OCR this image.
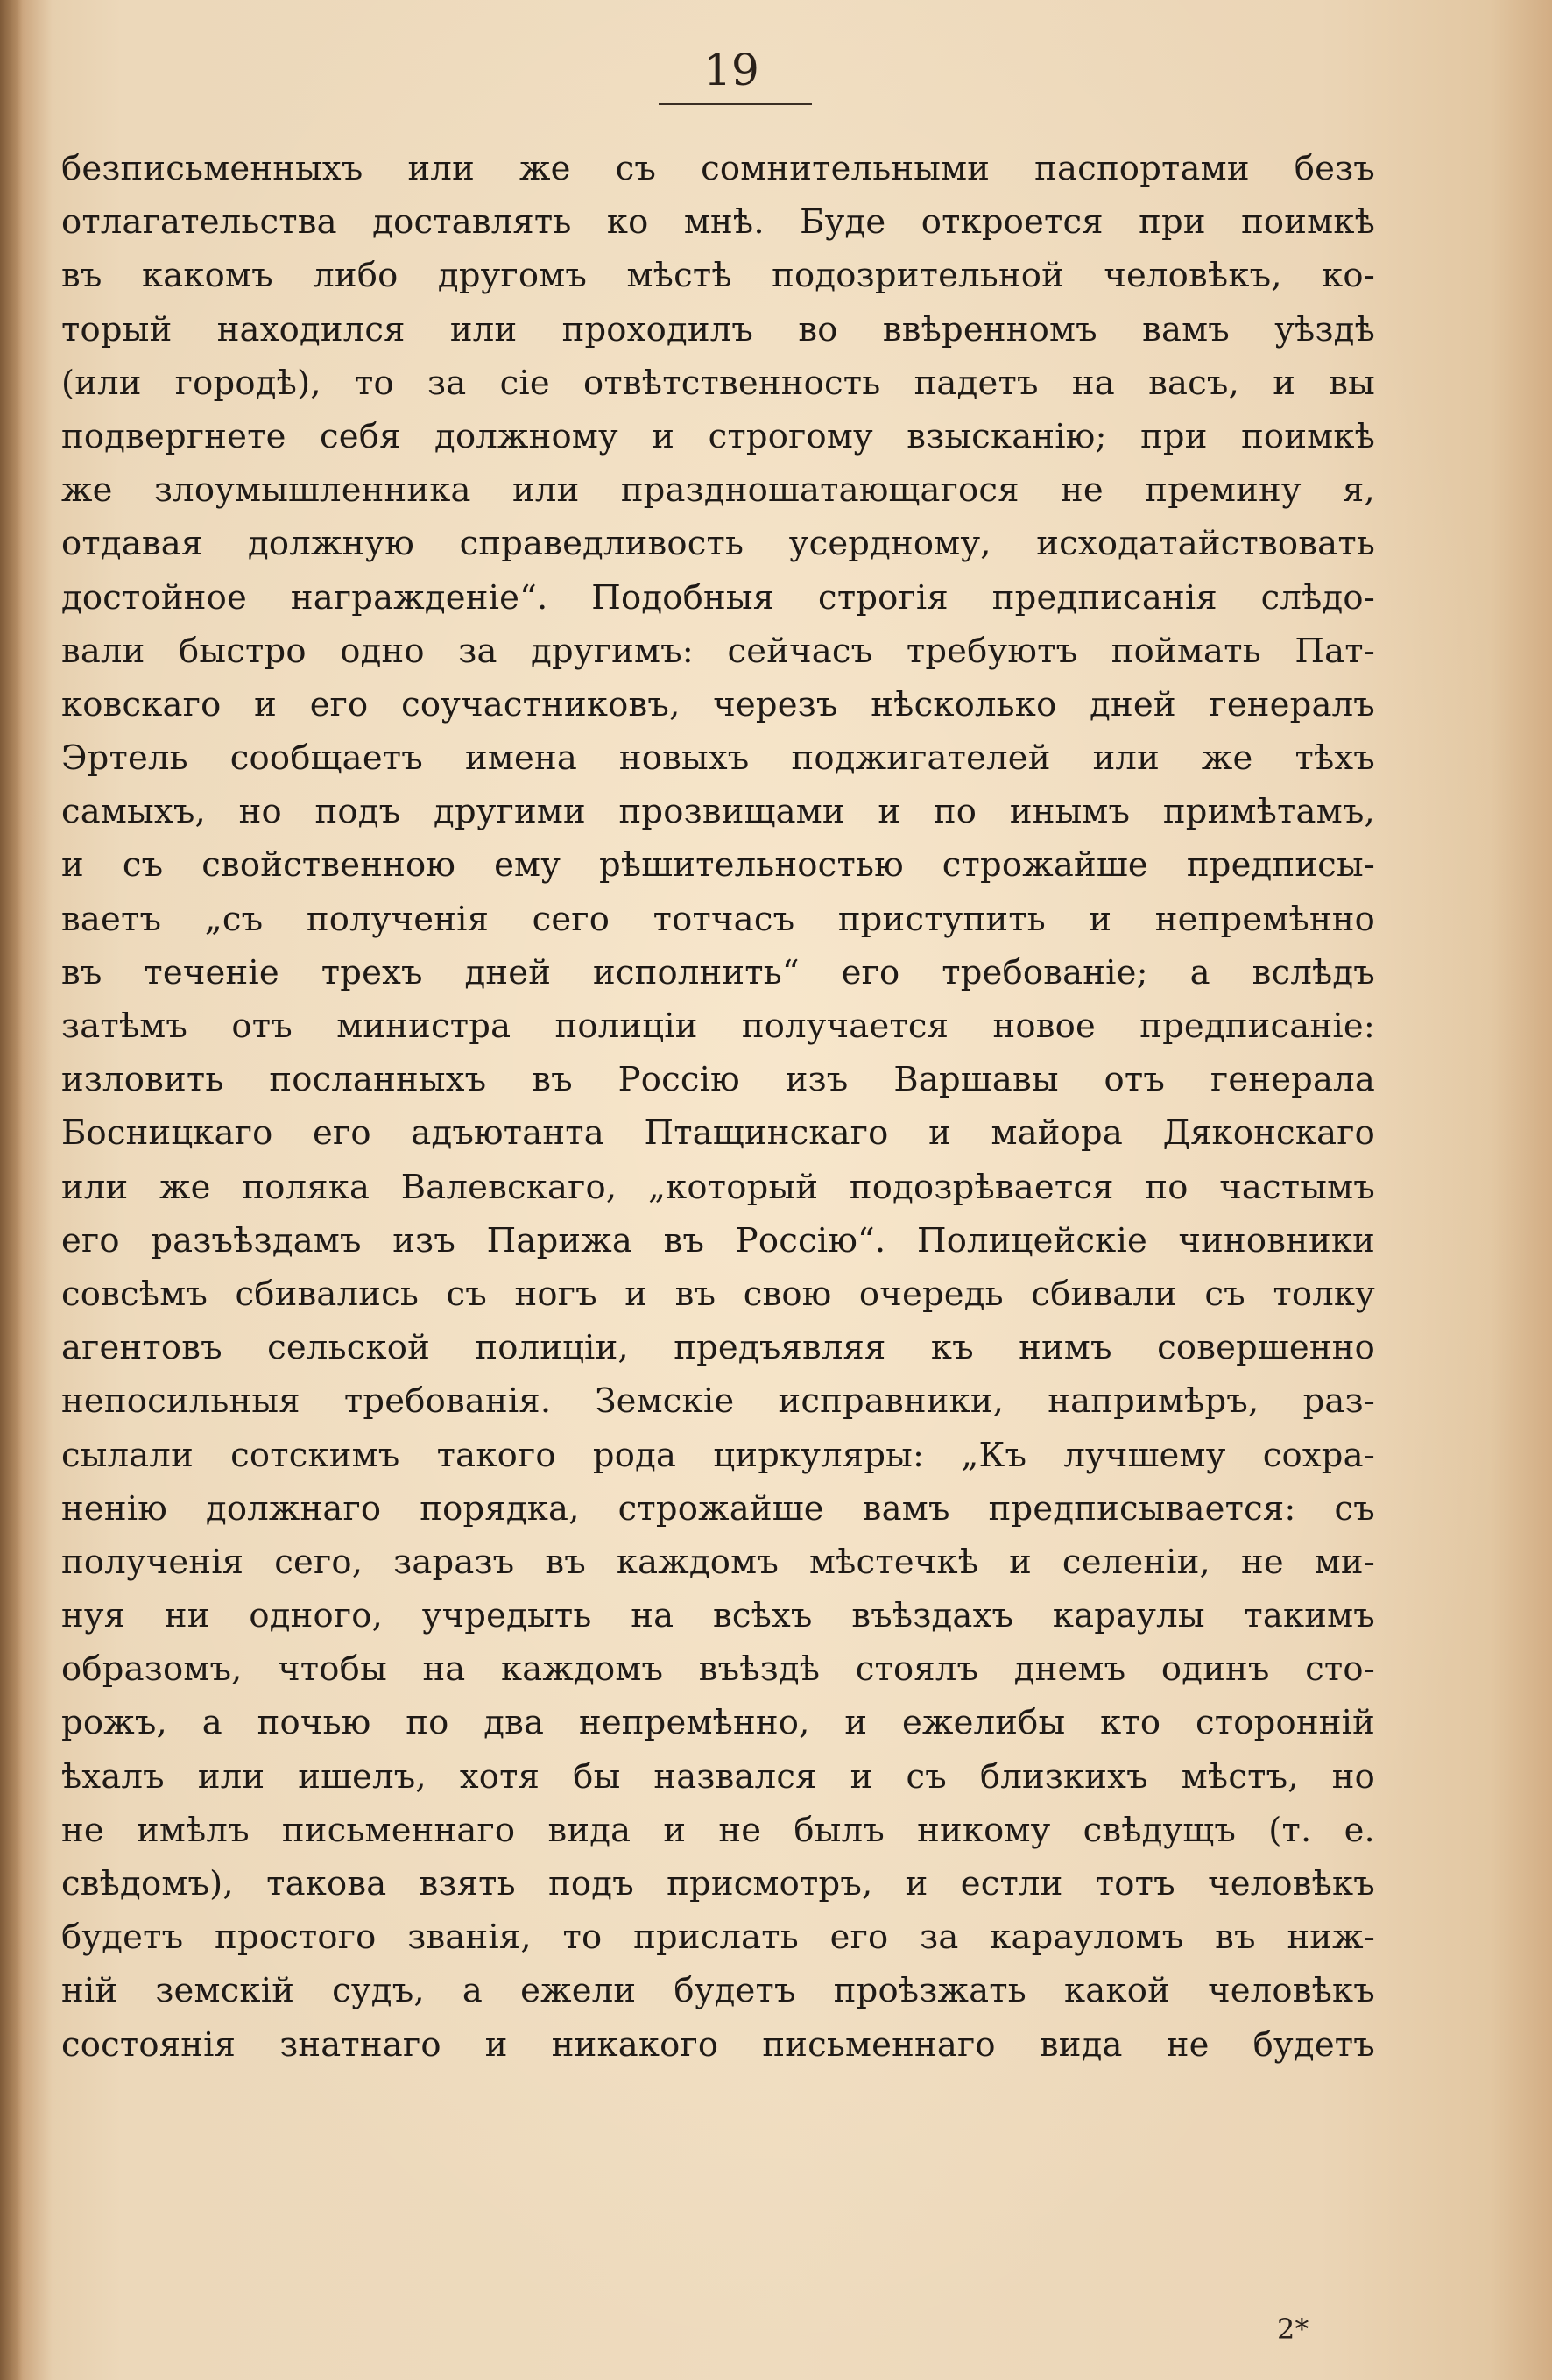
19
безписьменныхъ или же съ сомнительными паспортами безъ
отлагательства доставлять ко мнѣ. Буде откроется при поимкѣ
въ какомъ либо другомъ мѣстѣ подозрительной человѣкъ, ко-
торый находился или проходилъ во ввѣренномъ вамъ уѣздѣ
(или городѣ), то за сіе отвѣтственность падетъ на васъ, и вы
подвергнете себя должному и строгому взысканію; при поимкѣ
же злоумышленника или праздношатающагося не премину я,
отдавая должную справедливость усердному, исходатайствовать
достойное награжденіе“. Подобныя строгія предписанія слѣдо-
вали быстро одно за другимъ: сейчасъ требуютъ поймать Пат-
ковскаго и его соучастниковъ, черезъ нѣсколько дней генералъ
Эртель сообщаетъ имена новыхъ поджигателей или же тѣхъ
самыхъ, но подъ другими прозвищами и по инымъ примѣтамъ,
и съ свойственною ему рѣшительностью строжайше предписы-
ваетъ „съ полученія сего тотчасъ приступить и непремѣнно
въ теченіе трехъ дней исполнить“ его требованіе; а вслѣдъ
затѣмъ отъ министра полиціи получается новое предписаніе:
изловить посланныхъ въ Россію изъ Варшавы отъ генерала
Босницкаго его адъютанта Птащинскаго и майора Дяконскаго
или же поляка Валевскаго, „который подозрѣвается по частымъ
его разъѣздамъ изъ Парижа въ Россію“. Полицейскіе чиновники
совсѣмъ сбивались съ ногъ и въ свою очередь сбивали съ толку
агентовъ сельской полиціи, предъявляя къ нимъ совершенно
непосильныя требованія. Земскіе исправники, напримѣръ, раз-
сылали сотскимъ такого рода циркуляры: „Къ лучшему сохра-
ненію должнаго порядка, строжайше вамъ предписывается: съ
полученія сего, заразъ въ каждомъ мѣстечкѣ и селеніи, не ми-
нуя ни одного, учредыть на всѣхъ въѣздахъ караулы такимъ
образомъ, чтобы на каждомъ въѣздѣ стоялъ днемъ одинъ сто-
рожъ, а почью по два непремѣнно, и ежелибы кто сторонній
ѣхалъ или ишелъ, хотя бы назвался и съ близкихъ мѣстъ, но
не имѣлъ письменнаго вида и не былъ никому свѣдущъ (т. е.
свѣдомъ), такова взять подъ присмотръ, и естли тотъ человѣкъ
будетъ простого званія, то прислать его за карауломъ въ ниж-
ній земскій судъ, а ежели будетъ проѣзжать какой человѣкъ
состоянія знатнаго и никакого письменнаго вида не будетъ
2*
